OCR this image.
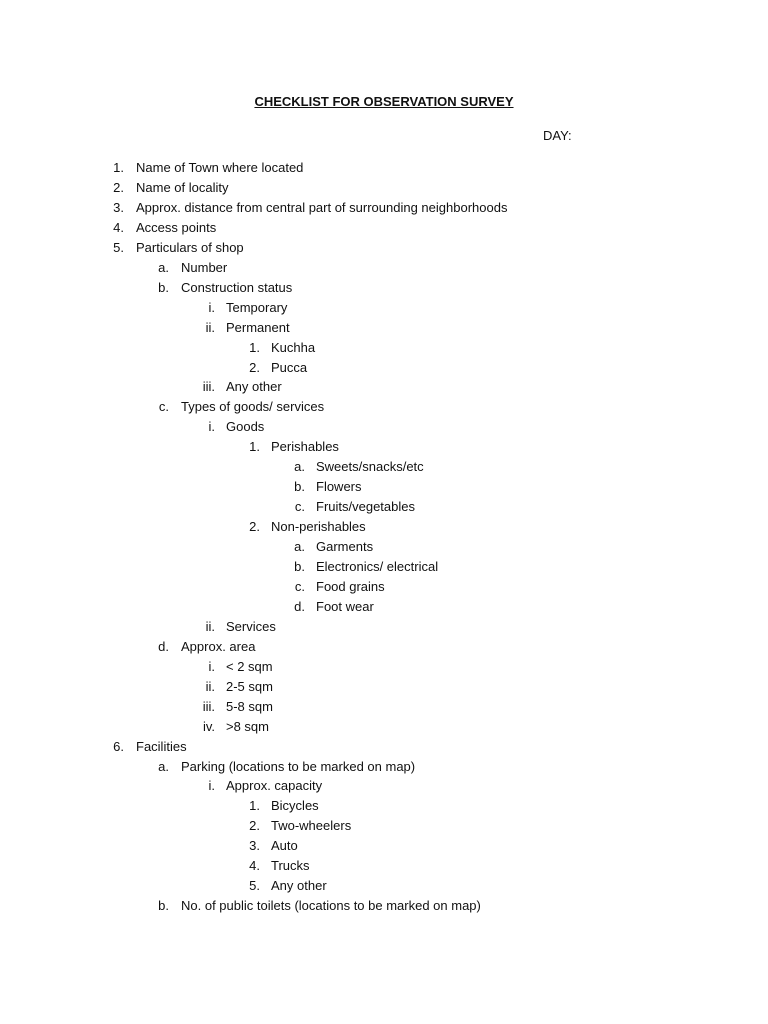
CHECKLIST FOR OBSERVATION SURVEY
DAY:
1. Name of Town where located
2. Name of locality
3. Approx. distance from central part of surrounding neighborhoods
4. Access points
5. Particulars of shop
a. Number
b. Construction status
i. Temporary
ii. Permanent
1. Kuchha
2. Pucca
iii. Any other
c. Types of goods/ services
i. Goods
1. Perishables
a. Sweets/snacks/etc
b. Flowers
c. Fruits/vegetables
2. Non-perishables
a. Garments
b. Electronics/ electrical
c. Food grains
d. Foot wear
ii. Services
d. Approx. area
i. < 2 sqm
ii. 2-5 sqm
iii. 5-8 sqm
iv. >8 sqm
6. Facilities
a. Parking (locations to be marked on map)
i. Approx. capacity
1. Bicycles
2. Two-wheelers
3. Auto
4. Trucks
5. Any other
b. No. of public toilets (locations to be marked on map)
